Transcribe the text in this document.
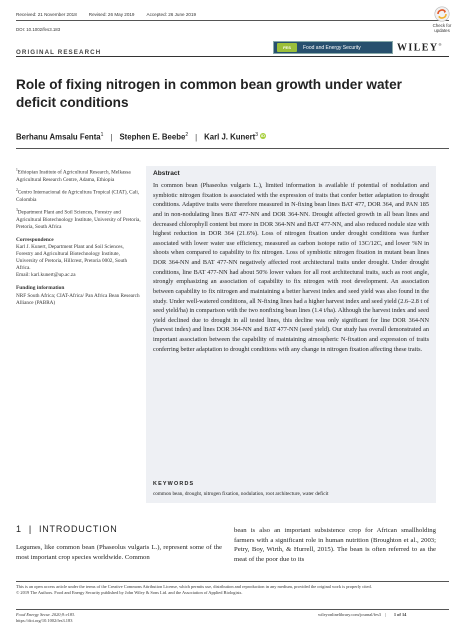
Received: 21 November 2018	Revised: 26 May 2019	Accepted: 26 June 2019
DOI: 10.1002/fes3.183
Check for
updates
ORIGINAL RESEARCH
FES	Food and Energy Security	WILEY®
Role of fixing nitrogen in common bean growth under water deficit conditions
Berhanu Amsalu Fenta$^1$ | Stephen E. Beebe$^2$ | Karl J. Kunert$^3$ iD

$^1$Ethiopian Institute of Agricultural Research, Melkassa Agricultural Research Centre, Adama, Ethiopia

$^2$Centro Internacional de Agricultura Tropical (CIAT), Cali, Colombia

$^3$Department Plant and Soil Sciences, Forestry and Agricultural Biotechnology Institute, University of Pretoria, Pretoria, South Africa

Correspondence

Karl J. Kunert, Department Plant and Soil Sciences, Forestry and Agricultural Biotechnology Institute, University of Pretoria, Hillcrest, Pretoria 0002, South Africa.

Email: karl.kunert@up.ac.za

Funding information

NRF South Africa; CIAT-Africa/ Pan Africa Bean Research Alliance (PABRA)

Abstract

In common bean (Phaseolus vulgaris L.), limited information is available if potential of nodulation and symbiotic nitrogen fixation is associated with the expression of traits that confer better adaptation to drought conditions. Adaptive traits were therefore measured in N-fixing bean lines BAT 477, DOR 364, and PAN 185 and in non-nodulating lines BAT 477-NN and DOR 364-NN. Drought affected growth in all bean lines and decreased chlorophyll content but more in DOR 364-NN and BAT 477-NN, and also reduced nodule size with highest reduction in DOR 364 (21.6%). Loss of nitrogen fixation under drought conditions was further associated with lower water use efficiency, measured as carbon isotope ratio of 13C/12C, and lower %N in shoots when compared to capability to fix nitrogen. Loss of symbiotic nitrogen fixation in mutant bean lines DOR 364-NN and BAT 477-NN negatively affected root architectural traits under drought. Under drought conditions, line BAT 477-NN had about 50% lower values for all root architectural traits, such as root angle, strongly emphasizing an association of capability to fix nitrogen with root development. An association between capability to fix nitrogen and maintaining a better harvest index and seed yield was also found in the study. Under well-watered conditions, all N-fixing lines had a higher harvest index and seed yield (2.6–2.8 t of seed yield/ha) in comparison with the two nonfixing bean lines (1.4 t/ha). Although the harvest index and seed yield declined due to drought in all tested lines, this decline was only significant for line DOR 364-NN (harvest index) and lines DOR 364-NN and BAT 477-NN (seed yield). Our study has overall demonstrated an important association between the capability of maintaining atmospheric N-fixation and expression of traits conferring better adaptation to drought conditions with any change in nitrogen fixation affecting these traits.

KEYWORDS
common bean, drought, nitrogen fixation, nodulation, root architecture, water deficit
1 | INTRODUCTION

Legumes, like common bean (Phaseolus vulgaris L.), represent some of the most important crop species worldwide. Common

bean is also an important subsistence crop for African smallholding farmers with a significant role in human nutrition (Broughton et al., 2003; Petry, Boy, Wirth, & Hurrell, 2015). The bean is often referred to as the meat of the poor due to its

This is an open access article under the terms of the Creative Commons Attribution License, which permits use, distribution and reproduction in any medium, provided the original work is properly cited.

© 2019 The Authors. Food and Energy Security published by John Wiley & Sons Ltd. and the Association of Applied Biologists.

Food Energy Secur. 2020;9:e183.
https://doi.org/10.1002/fes3.183
wileyonlinelibrary.com/journal/fes3 | 1 of 14
